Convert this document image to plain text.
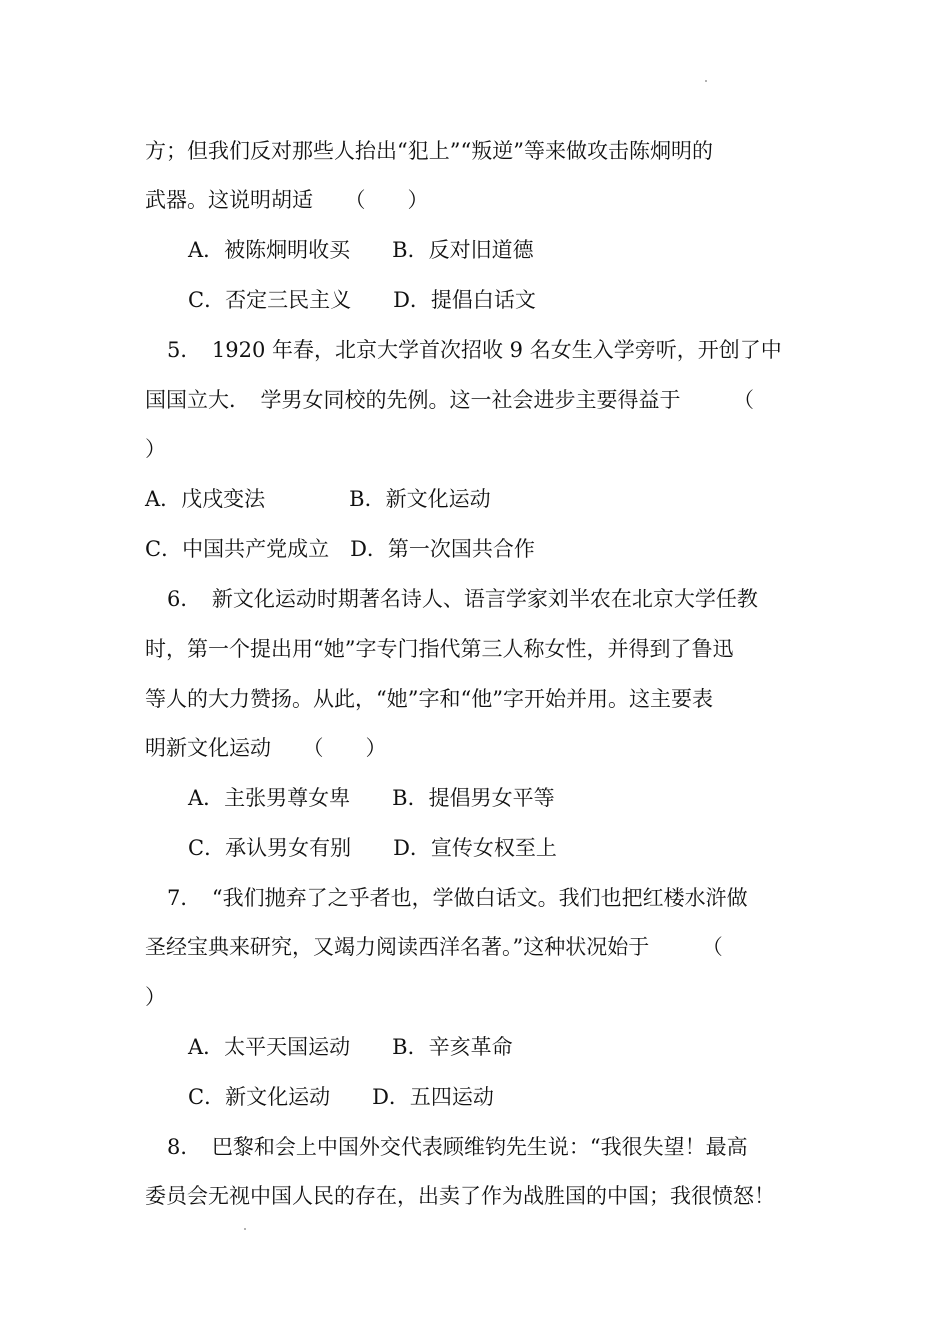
方；但我们反对那些人抬出“犯上”“叛逆”等来做攻击陈炯明的
武器。这说明胡适　　（　　）
A．被陈炯明收买　　B．反对旧道德
C．否定三民主义　　D．提倡白话文
5．　1920 年春，北京大学首次招收 9 名女生入学旁听，开创了中
国国立大．　学男女同校的先例。这一社会进步主要得益于　　　（
）
A．戊戌变法　　　　B．新文化运动
C．中国共产党成立　D．第一次国共合作
6．　新文化运动时期著名诗人、语言学家刘半农在北京大学任教
时，第一个提出用“她”字专门指代第三人称女性，并得到了鲁迅
等人的大力赞扬。从此，“她”字和“他”字开始并用。这主要表
明新文化运动　　（　　）
A．主张男尊女卑　　B．提倡男女平等
C．承认男女有别　　D．宣传女权至上
7．　“我们抛弃了之乎者也，学做白话文。我们也把红楼水浒做
圣经宝典来研究，又竭力阅读西洋名著。”这种状况始于　　　（
）
A．太平天国运动　　B．辛亥革命
C．新文化运动　　D．五四运动
8．　巴黎和会上中国外交代表顾维钧先生说：“我很失望！最高
委员会无视中国人民的存在，出卖了作为战胜国的中国；我很愤怒！
